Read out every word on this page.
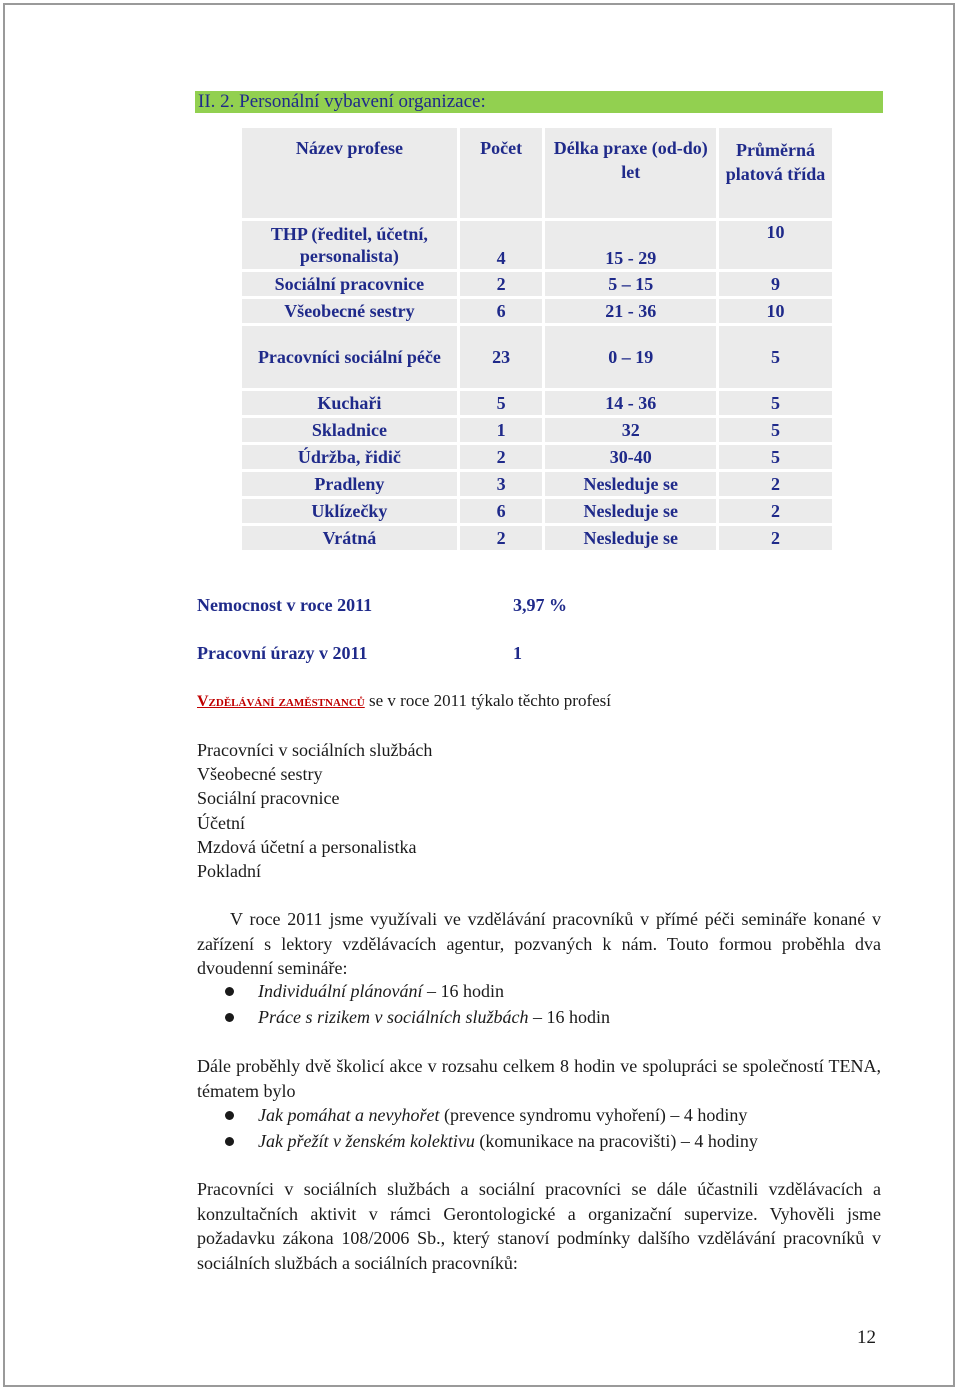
II. 2. Personální vybavení organizace:
Název profese	Počet	Délka praxe (od-do) let	Průměrná platová třída
THP (ředitel, účetní, personalista)	4	15 - 29	10
Sociální pracovnice	2	5 – 15	9
Všeobecné sestry	6	21 - 36	10
Pracovníci sociální péče	23	0 – 19	5
Kuchaři	5	14 - 36	5
Skladnice	1	32	5
Údržba, řidič	2	30-40	5
Pradleny	3	Nesleduje se	2
Uklízečky	6	Nesleduje se	2
Vrátná	2	Nesleduje se	2
Nemocnost v roce 2011	3,97 %
Pracovní úrazy v 2011	1
Vzdělávání zaměstnanců se v roce 2011 týkalo těchto profesí
Pracovníci v sociálních službách
Všeobecné sestry
Sociální pracovnice
Účetní
Mzdová účetní a personalistka
Pokladní
V roce 2011 jsme využívali ve vzdělávání pracovníků v přímé péči semináře konané v zařízení s lektory vzdělávacích agentur, pozvaných k nám. Touto formou proběhla dva dvoudenní semináře:
Individuální plánování – 16 hodin
Práce s rizikem v sociálních službách – 16 hodin
Dále proběhly dvě školicí akce v rozsahu celkem 8 hodin ve spolupráci se společností TENA, tématem bylo
Jak pomáhat a nevyhořet (prevence syndromu vyhoření) – 4 hodiny
Jak přežít v ženském kolektivu (komunikace na pracovišti) – 4 hodiny
Pracovníci v sociálních službách a sociální pracovníci se dále účastnili vzdělávacích a konzultačních aktivit v rámci Gerontologické a organizační supervize. Vyhověli jsme požadavku zákona 108/2006 Sb., který stanoví podmínky dalšího vzdělávání pracovníků v sociálních službách a sociálních pracovníků:
12
